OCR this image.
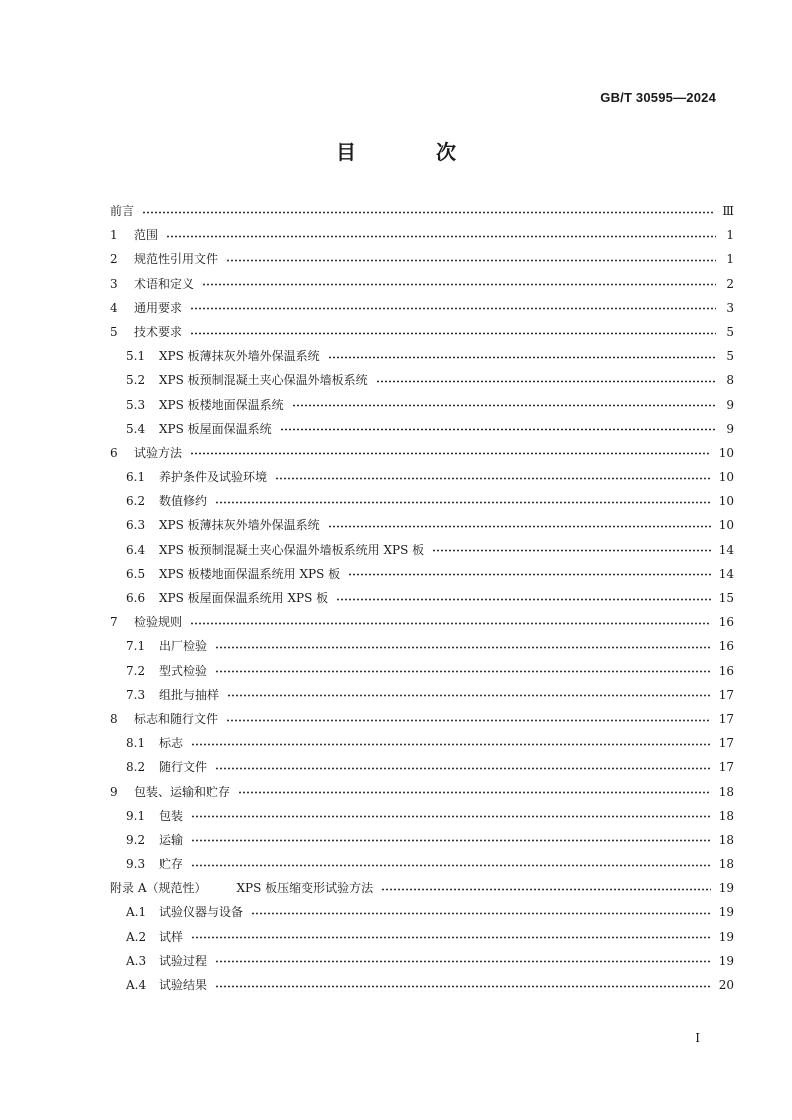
GB/T 30595—2024
目　次
前言	Ⅲ
1	范围	1
2	规范性引用文件	1
3	术语和定义	2
4	通用要求	3
5	技术要求	5
5.1	XPS 板薄抹灰外墙外保温系统	5
5.2	XPS 板预制混凝土夹心保温外墙板系统	8
5.3	XPS 板楼地面保温系统	9
5.4	XPS 板屋面保温系统	9
6	试验方法	10
6.1	养护条件及试验环境	10
6.2	数值修约	10
6.3	XPS 板薄抹灰外墙外保温系统	10
6.4	XPS 板预制混凝土夹心保温外墙板系统用 XPS 板	14
6.5	XPS 板楼地面保温系统用 XPS 板	14
6.6	XPS 板屋面保温系统用 XPS 板	15
7	检验规则	16
7.1	出厂检验	16
7.2	型式检验	16
7.3	组批与抽样	17
8	标志和随行文件	17
8.1	标志	17
8.2	随行文件	17
9	包装、运输和贮存	18
9.1	包装	18
9.2	运输	18
9.3	贮存	18
附录 A（规范性）	XPS 板压缩变形试验方法	19
A.1	试验仪器与设备	19
A.2	试样	19
A.3	试验过程	19
A.4	试验结果	20
Ⅰ
